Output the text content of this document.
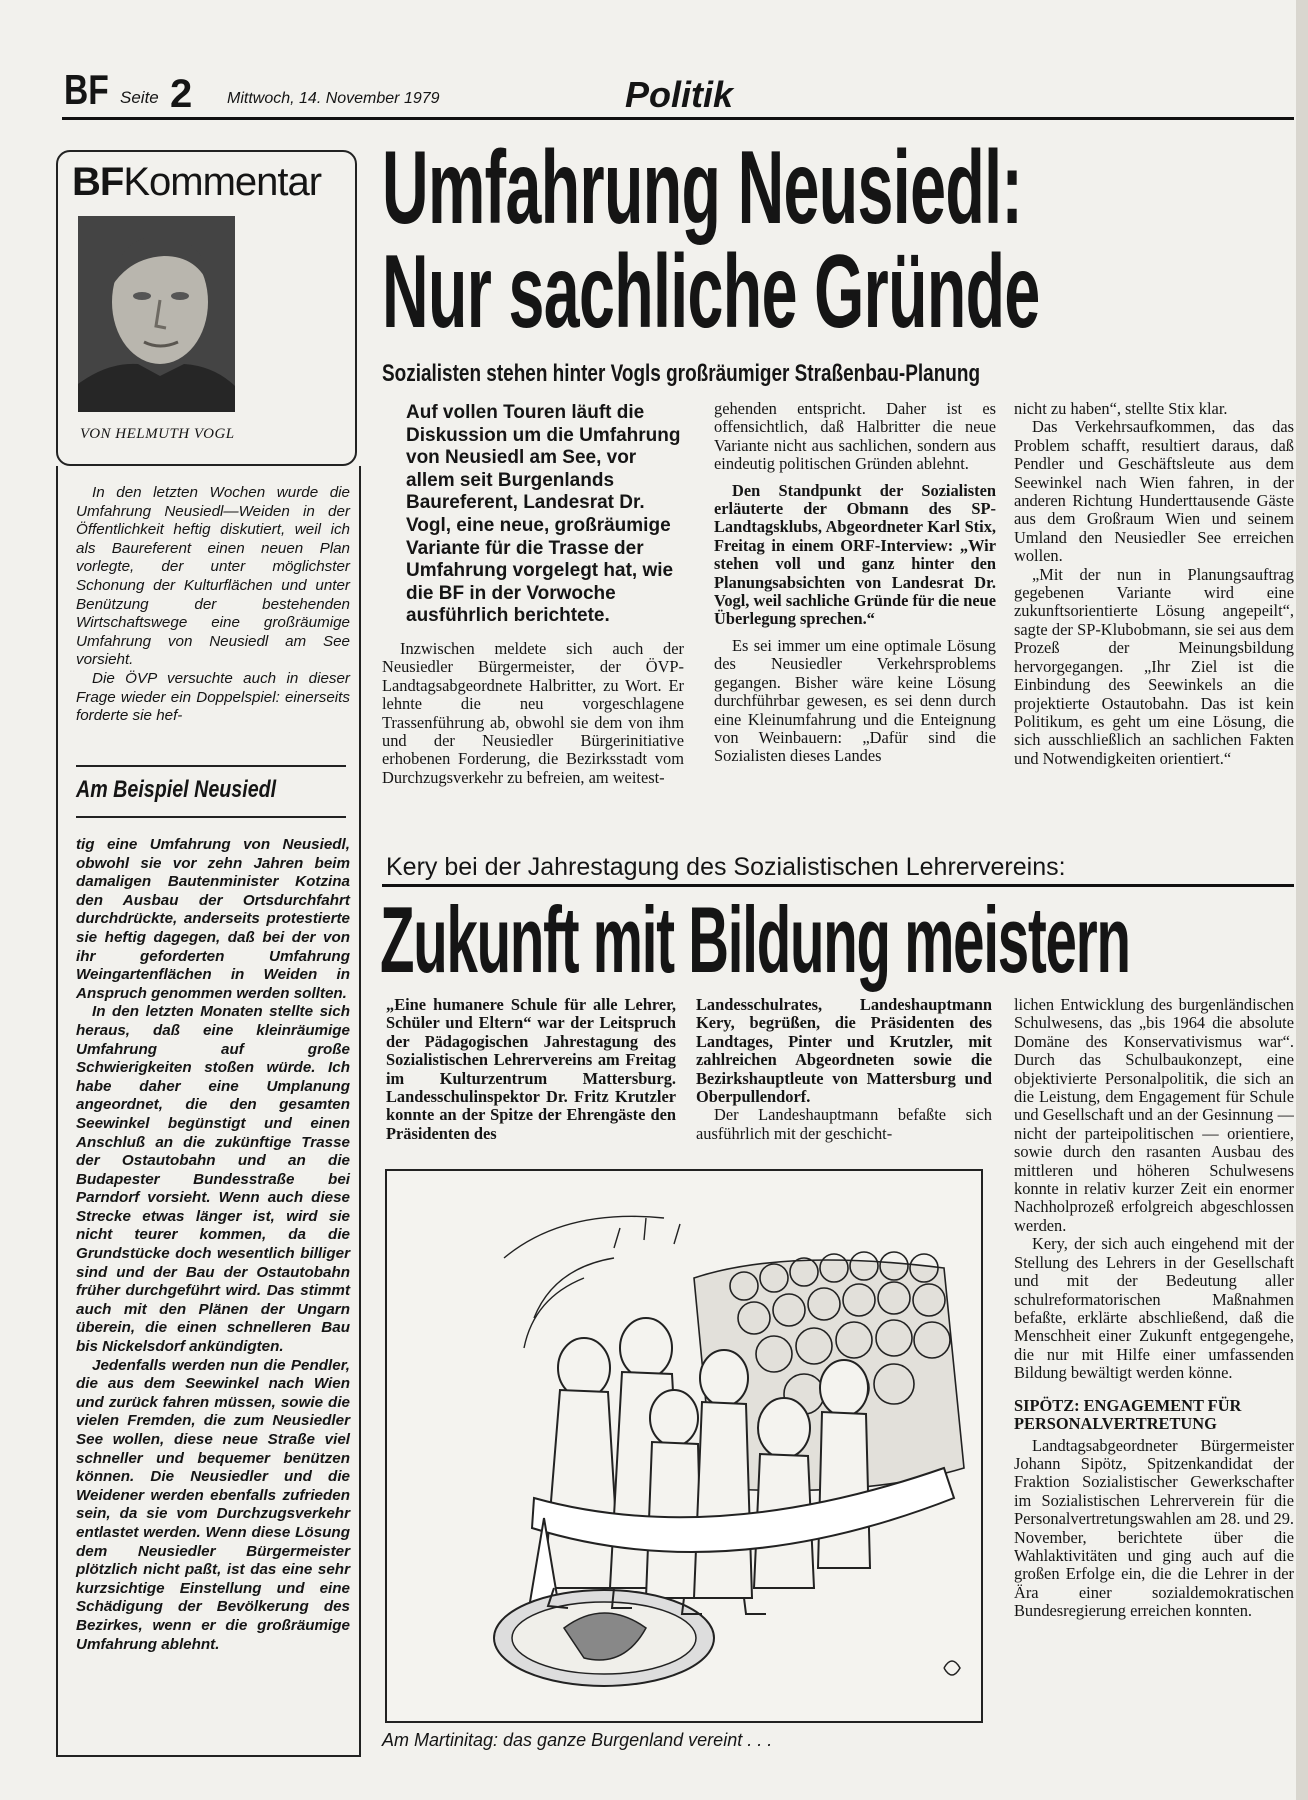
BF Seite 2 Mittwoch, 14. November 1979	Politik
BFKommentar
VON HELMUTH VOGL

In den letzten Wochen wurde die Umfahrung Neusiedl—Weiden in der Öffentlichkeit heftig diskutiert, weil ich als Baureferent einen neuen Plan vorlegte, der unter möglichster Schonung der Kulturflächen und unter Benützung der bestehenden Wirtschaftswege eine großräumige Umfahrung von Neusiedl am See vorsieht.

Die ÖVP versuchte auch in dieser Frage wieder ein Doppelspiel: einerseits forderte sie hef-

Am Beispiel Neusiedl

tig eine Umfahrung von Neusiedl, obwohl sie vor zehn Jahren beim damaligen Bautenminister Kotzina den Ausbau der Ortsdurchfahrt durchdrückte, anderseits protestierte sie heftig dagegen, daß bei der von ihr geforderten Umfahrung Weingartenflächen in Weiden in Anspruch genommen werden sollten.

In den letzten Monaten stellte sich heraus, daß eine kleinräumige Umfahrung auf große Schwierigkeiten stoßen würde. Ich habe daher eine Umplanung angeordnet, die den gesamten Seewinkel begünstigt und einen Anschluß an die zukünftige Trasse der Ostautobahn und an die Budapester Bundesstraße bei Parndorf vorsieht. Wenn auch diese Strecke etwas länger ist, wird sie nicht teurer kommen, da die Grundstücke doch wesentlich billiger sind und der Bau der Ostautobahn früher durchgeführt wird. Das stimmt auch mit den Plänen der Ungarn überein, die einen schnelleren Bau bis Nickelsdorf ankündigten.

Jedenfalls werden nun die Pendler, die aus dem Seewinkel nach Wien und zurück fahren müssen, sowie die vielen Fremden, die zum Neusiedler See wollen, diese neue Straße viel schneller und bequemer benützen können. Die Neusiedler und die Weidener werden ebenfalls zufrieden sein, da sie vom Durchzugsverkehr entlastet werden. Wenn diese Lösung dem Neusiedler Bürgermeister plötzlich nicht paßt, ist das eine sehr kurzsichtige Einstellung und eine Schädigung der Bevölkerung des Bezirkes, wenn er die großräumige Umfahrung ablehnt.

Umfahrung Neusiedl:
Nur sachliche Gründe
Sozialisten stehen hinter Vogls großräumiger Straßenbau-Planung

Auf vollen Touren läuft die Diskussion um die Umfahrung von Neusiedl am See, vor allem seit Burgenlands Baureferent, Landesrat Dr. Vogl, eine neue, großräumige Variante für die Trasse der Umfahrung vorgelegt hat, wie die BF in der Vorwoche ausführlich berichtete.

Inzwischen meldete sich auch der Neusiedler Bürgermeister, der ÖVP-Landtagsabgeordnete Halbritter, zu Wort. Er lehnte die neu vorgeschlagene Trassenführung ab, obwohl sie dem von ihm und der Neusiedler Bürgerinitiative erhobenen Forderung, die Bezirksstadt vom Durchzugsverkehr zu befreien, am weitest-

gehenden entspricht. Daher ist es offensichtlich, daß Halbritter die neue Variante nicht aus sachlichen, sondern aus eindeutig politischen Gründen ablehnt.

Den Standpunkt der Sozialisten erläuterte der Obmann des SP-Landtagsklubs, Abgeordneter Karl Stix, Freitag in einem ORF-Interview: „Wir stehen voll und ganz hinter den Planungsabsichten von Landesrat Dr. Vogl, weil sachliche Gründe für die neue Überlegung sprechen.“

Es sei immer um eine optimale Lösung des Neusiedler Verkehrsproblems gegangen. Bisher wäre keine Lösung durchführbar gewesen, es sei denn durch eine Kleinumfahrung und die Enteignung von Weinbauern: „Dafür sind die Sozialisten dieses Landes

nicht zu haben“, stellte Stix klar.

Das Verkehrsaufkommen, das das Problem schafft, resultiert daraus, daß Pendler und Geschäftsleute aus dem Seewinkel nach Wien fahren, in der anderen Richtung Hunderttausende Gäste aus dem Großraum Wien und seinem Umland den Neusiedler See erreichen wollen.

„Mit der nun in Planungsauftrag gegebenen Variante wird eine zukunftsorientierte Lösung angepeilt“, sagte der SP-Klubobmann, sie sei aus dem Prozeß der Meinungsbildung hervorgegangen. „Ihr Ziel ist die Einbindung des Seewinkels an die projektierte Ostautobahn. Das ist kein Politikum, es geht um eine Lösung, die sich ausschließlich an sachlichen Fakten und Notwendigkeiten orientiert.“

Kery bei der Jahrestagung des Sozialistischen Lehrervereins:
Zukunft mit Bildung meistern

„Eine humanere Schule für alle Lehrer, Schüler und Eltern“ war der Leitspruch der Pädagogischen Jahrestagung des Sozialistischen Lehrervereins am Freitag im Kulturzentrum Mattersburg. Landesschulinspektor Dr. Fritz Krutzler konnte an der Spitze der Ehrengäste den Präsidenten des

Landesschulrates, Landeshauptmann Kery, begrüßen, die Präsidenten des Landtages, Pinter und Krutzler, mit zahlreichen Abgeordneten sowie die Bezirkshauptleute von Mattersburg und Oberpullendorf.

Der Landeshauptmann befaßte sich ausführlich mit der geschicht-

lichen Entwicklung des burgenländischen Schulwesens, das „bis 1964 die absolute Domäne des Konservativismus war“. Durch das Schulbaukonzept, eine objektivierte Personalpolitik, die sich an die Leistung, dem Engagement für Schule und Gesellschaft und an der Gesinnung — nicht der parteipolitischen — orientiere, sowie durch den rasanten Ausbau des mittleren und höheren Schulwesens konnte in relativ kurzer Zeit ein enormer Nachholprozeß erfolgreich abgeschlossen werden.

Kery, der sich auch eingehend mit der Stellung des Lehrers in der Gesellschaft und mit der Bedeutung aller schulreformatorischen Maßnahmen befaßte, erklärte abschließend, daß die Menschheit einer Zukunft entgegengehe, die nur mit Hilfe einer umfassenden Bildung bewältigt werden könne.

SIPÖTZ: ENGAGEMENT FÜR
PERSONALVERTRETUNG

Landtagsabgeordneter Bürgermeister Johann Sipötz, Spitzenkandidat der Fraktion Sozialistischer Gewerkschafter im Sozialistischen Lehrerverein für die Personalvertretungswahlen am 28. und 29. November, berichtete über die Wahlaktivitäten und ging auch auf die großen Erfolge ein, die die Lehrer in der Ära einer sozialdemokratischen Bundesregierung erreichen konnten.

Am Martinitag: das ganze Burgenland vereint . . .
